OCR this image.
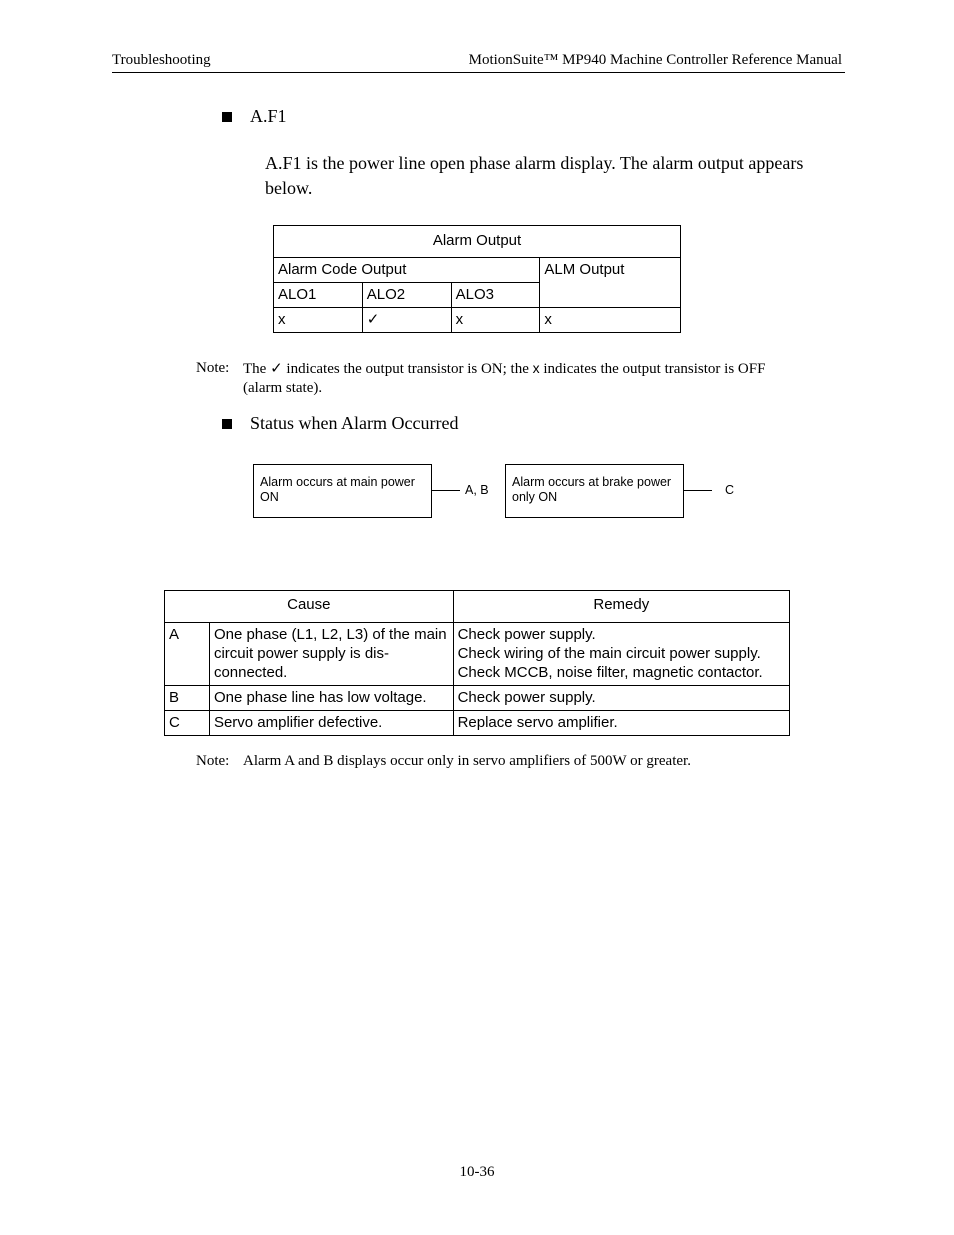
Troubleshooting	MotionSuite™ MP940 Machine Controller Reference Manual
A.F1
A.F1 is the power line open phase alarm display. The alarm output appears below.
Alarm Output			
Alarm Code Output			ALM Output
ALO1	ALO2	ALO3	
x	✓	x	x
Note: The ✓ indicates the output transistor is ON; the x indicates the output transistor is OFF
(alarm state).
Status when Alarm Occurred
Alarm occurs at main power ON	A, B
Alarm occurs at brake power only ON	C
Cause		Remedy
A	One phase (L1, L2, L3) of the main circuit power supply is dis-connected.	Check power supply.
Check wiring of the main circuit power supply.
Check MCCB, noise filter, magnetic contactor.

B	One phase line has low voltage.	Check power supply.

C	Servo amplifier defective.	Replace servo amplifier.
Note: Alarm A and B displays occur only in servo amplifiers of 500W or greater.
10-36
